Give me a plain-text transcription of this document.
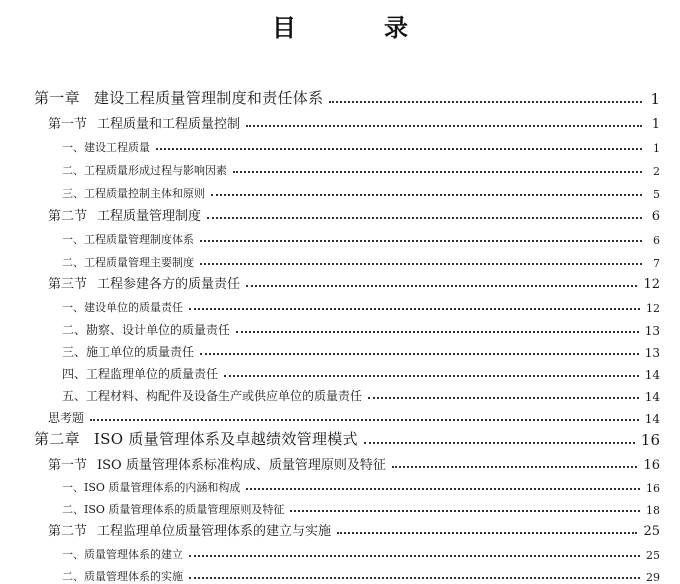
目　录
第一章 建设工程质量管理制度和责任体系	1
第一节 工程质量和工程质量控制	1
一、建设工程质量	1
二、工程质量形成过程与影响因素	2
三、工程质量控制主体和原则	5
第二节 工程质量管理制度	6
一、工程质量管理制度体系	6
二、工程质量管理主要制度	7
第三节 工程参建各方的质量责任	12
一、建设单位的质量责任	12
二、勘察、设计单位的质量责任	13
三、施工单位的质量责任	13
四、工程监理单位的质量责任	14
五、工程材料、构配件及设备生产或供应单位的质量责任	14
思考题	14
第二章 ISO 质量管理体系及卓越绩效管理模式	16
第一节 ISO 质量管理体系标准构成、质量管理原则及特征	16
一、ISO 质量管理体系的内涵和构成	16
二、ISO 质量管理体系的质量管理原则及特征	18
第二节 工程监理单位质量管理体系的建立与实施	25
一、质量管理体系的建立	25
二、质量管理体系的实施	29
